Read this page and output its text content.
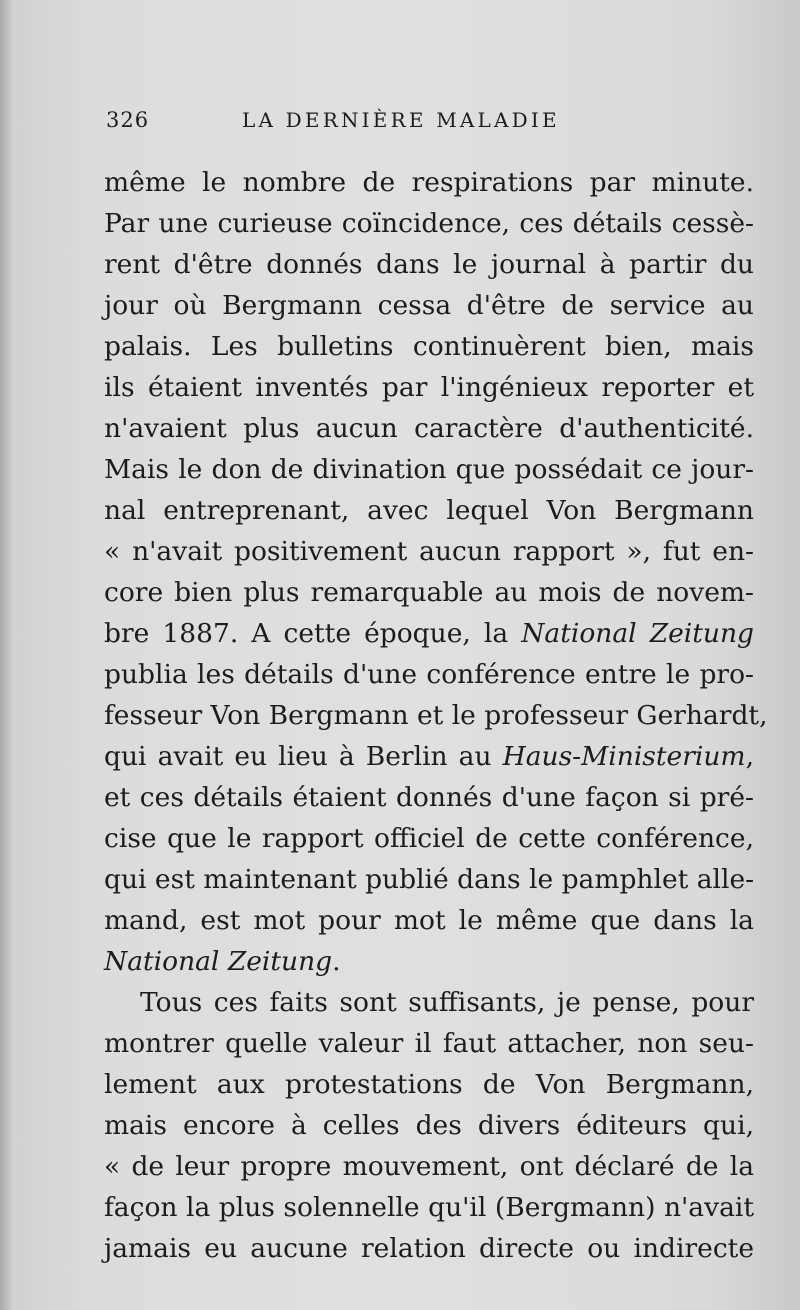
326	LA DERNIÈRE MALADIE
même le nombre de respirations par minute.
Par une curieuse coïncidence, ces détails cessè-
rent d'être donnés dans le journal à partir du
jour où Bergmann cessa d'être de service au
palais. Les bulletins continuèrent bien, mais
ils étaient inventés par l'ingénieux reporter et
n'avaient plus aucun caractère d'authenticité.
Mais le don de divination que possédait ce jour-
nal entreprenant, avec lequel Von Bergmann
« n'avait positivement aucun rapport », fut en-
core bien plus remarquable au mois de novem-
bre 1887. A cette époque, la National Zeitung
publia les détails d'une conférence entre le pro-
fesseur Von Bergmann et le professeur Gerhardt,
qui avait eu lieu à Berlin au Haus-Ministerium,
et ces détails étaient donnés d'une façon si pré-
cise que le rapport officiel de cette conférence,
qui est maintenant publié dans le pamphlet alle-
mand, est mot pour mot le même que dans la
National Zeitung.
Tous ces faits sont suffisants, je pense, pour
montrer quelle valeur il faut attacher, non seu-
lement aux protestations de Von Bergmann,
mais encore à celles des divers éditeurs qui,
« de leur propre mouvement, ont déclaré de la
façon la plus solennelle qu'il (Bergmann) n'avait
jamais eu aucune relation directe ou indirecte
